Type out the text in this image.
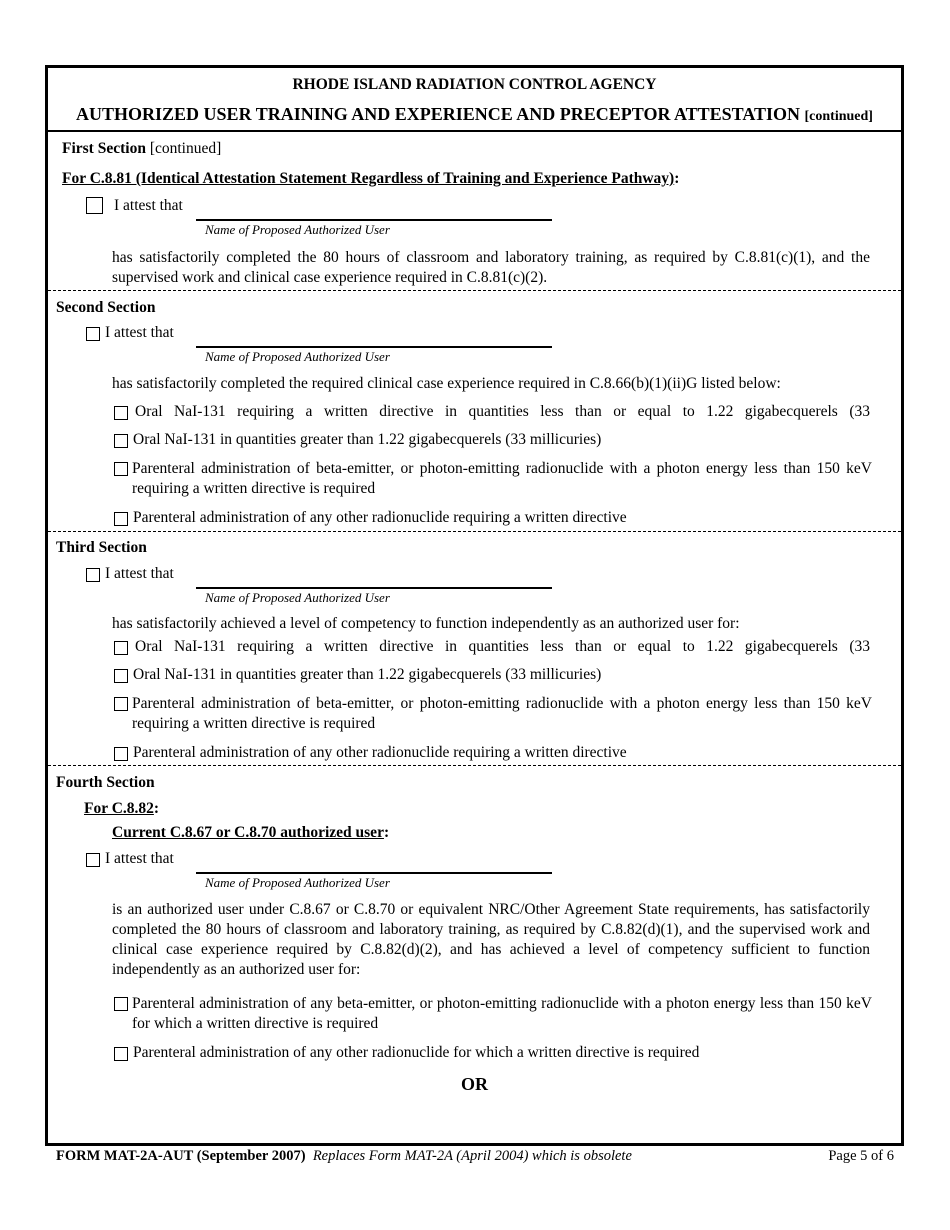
RHODE ISLAND RADIATION CONTROL AGENCY
AUTHORIZED USER TRAINING AND EXPERIENCE AND PRECEPTOR ATTESTATION [continued]
First Section [continued]
For C.8.81 (Identical Attestation Statement Regardless of Training and Experience Pathway):
I attest that
Name of Proposed Authorized User
has satisfactorily completed the 80 hours of classroom and laboratory training, as required by C.8.81(c)(1), and the supervised work and clinical case experience required in C.8.81(c)(2).
Second Section
I attest that
Name of Proposed Authorized User
has satisfactorily completed the required clinical case experience required in C.8.66(b)(1)(ii)G listed below:
Oral NaI-131 requiring a written directive in quantities less than or equal to 1.22 gigabecquerels (33
Oral NaI-131 in quantities greater than 1.22 gigabecquerels (33 millicuries)
Parenteral administration of beta-emitter, or photon-emitting radionuclide with a photon energy less than 150 keV requiring a written directive is required
Parenteral administration of any other radionuclide requiring a written directive
Third Section
I attest that
Name of Proposed Authorized User
has satisfactorily achieved a level of competency to function independently as an authorized user for:
Oral NaI-131 requiring a written directive in quantities less than or equal to 1.22 gigabecquerels (33
Oral NaI-131 in quantities greater than 1.22 gigabecquerels (33 millicuries)
Parenteral administration of beta-emitter, or photon-emitting radionuclide with a photon energy less than 150 keV requiring a written directive is required
Parenteral administration of any other radionuclide requiring a written directive
Fourth Section
For C.8.82:
Current C.8.67 or C.8.70 authorized user:
I attest that
Name of Proposed Authorized User
is an authorized user under C.8.67 or C.8.70 or equivalent NRC/Other Agreement State requirements, has satisfactorily completed the 80 hours of classroom and laboratory training, as required by C.8.82(d)(1), and the supervised work and clinical case experience required by C.8.82(d)(2), and has achieved a level of competency sufficient to function independently as an authorized user for:
Parenteral administration of any beta-emitter, or photon-emitting radionuclide with a photon energy less than 150 keV for which a written directive is required
Parenteral administration of any other radionuclide for which a written directive is required
OR
FORM MAT-2A-AUT (September 2007) Replaces Form MAT-2A (April 2004) which is obsolete	Page 5 of 6
